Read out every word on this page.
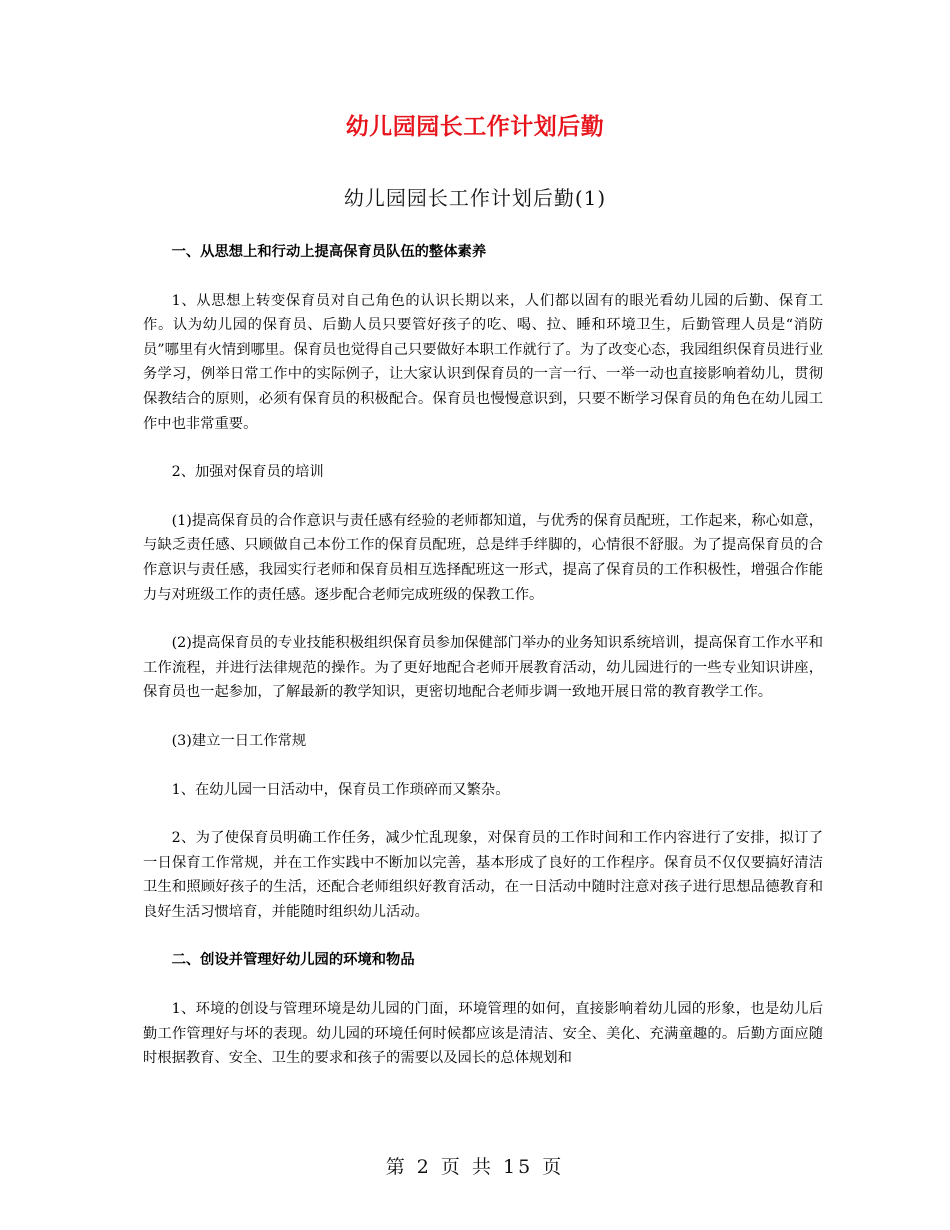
幼儿园园长工作计划后勤
幼儿园园长工作计划后勤(1)

一、从思想上和行动上提高保育员队伍的整体素养

1、从思想上转变保育员对自己角色的认识长期以来，人们都以固有的眼光看幼儿园的后勤、保育工作。认为幼儿园的保育员、后勤人员只要管好孩子的吃、喝、拉、睡和环境卫生，后勤管理人员是“消防员”哪里有火情到哪里。保育员也觉得自己只要做好本职工作就行了。为了改变心态，我园组织保育员进行业务学习，例举日常工作中的实际例子，让大家认识到保育员的一言一行、一举一动也直接影响着幼儿，贯彻保教结合的原则，必须有保育员的积极配合。保育员也慢慢意识到，只要不断学习保育员的角色在幼儿园工作中也非常重要。

2、加强对保育员的培训

(1)提高保育员的合作意识与责任感有经验的老师都知道，与优秀的保育员配班，工作起来，称心如意，与缺乏责任感、只顾做自己本份工作的保育员配班，总是绊手绊脚的，心情很不舒服。为了提高保育员的合作意识与责任感，我园实行老师和保育员相互选择配班这一形式，提高了保育员的工作积极性，增强合作能力与对班级工作的责任感。逐步配合老师完成班级的保教工作。

(2)提高保育员的专业技能积极组织保育员参加保健部门举办的业务知识系统培训，提高保育工作水平和工作流程，并进行法律规范的操作。为了更好地配合老师开展教育活动，幼儿园进行的一些专业知识讲座，保育员也一起参加，了解最新的教学知识，更密切地配合老师步调一致地开展日常的教育教学工作。

(3)建立一日工作常规

1、在幼儿园一日活动中，保育员工作琐碎而又繁杂。

2、为了使保育员明确工作任务，减少忙乱现象，对保育员的工作时间和工作内容进行了安排，拟订了一日保育工作常规，并在工作实践中不断加以完善，基本形成了良好的工作程序。保育员不仅仅要搞好清洁卫生和照顾好孩子的生活，还配合老师组织好教育活动，在一日活动中随时注意对孩子进行思想品德教育和良好生活习惯培育，并能随时组织幼儿活动。

二、创设并管理好幼儿园的环境和物品

1、环境的创设与管理环境是幼儿园的门面，环境管理的如何，直接影响着幼儿园的形象，也是幼儿后勤工作管理好与坏的表现。幼儿园的环境任何时候都应该是清洁、安全、美化、充满童趣的。后勤方面应随时根据教育、安全、卫生的要求和孩子的需要以及园长的总体规划和

第 2 页 共 15 页
